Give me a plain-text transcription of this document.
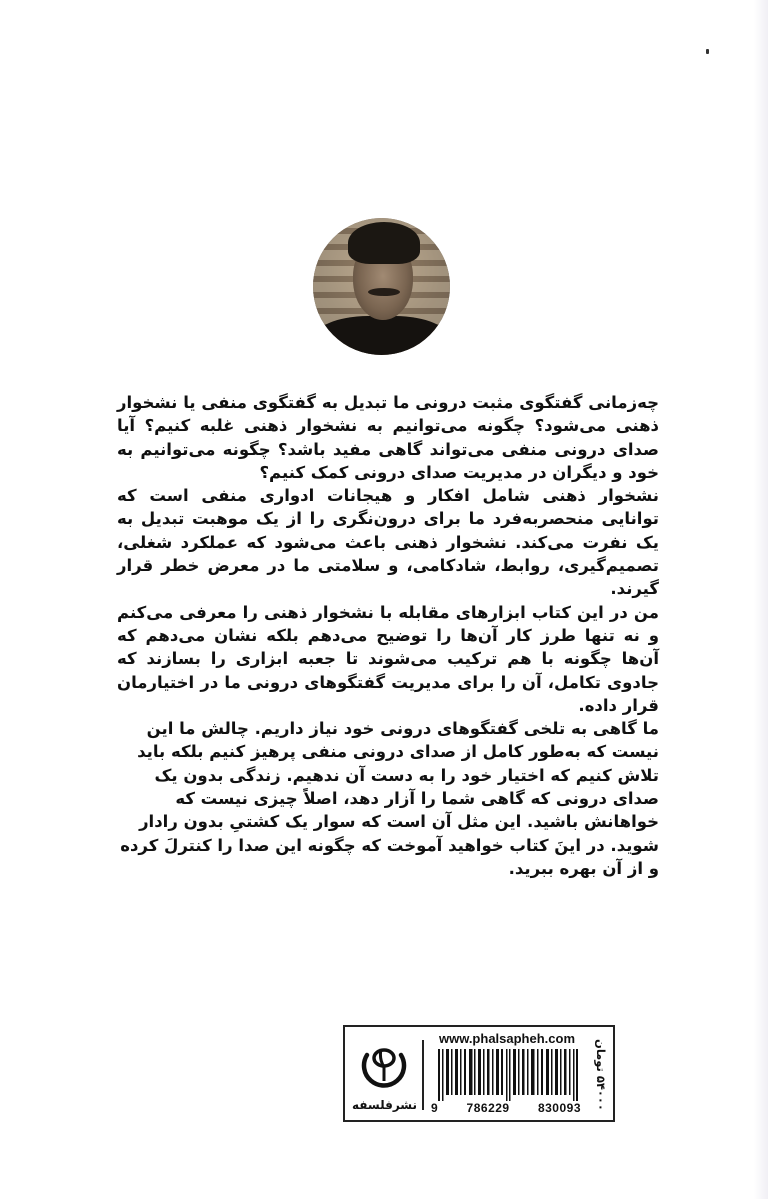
چه‌زمانی گفتگوی مثبت درونی ما تبدیل به گفتگوی منفی یا نشخوار ذهنی می‌شود؟ چگونه می‌توانیم به نشخوار ذهنی غلبه کنیم؟ آیا صدای درونی منفی می‌تواند گاهی مفید باشد؟ چگونه می‌توانیم به خود و دیگران در مدیریت صدای درونی کمک کنیم؟

نشخوار ذهنی شامل افکار و هیجانات ادواری منفی است که توانایی منحصربه‌فرد ما برای درون‌نگری را از یک موهبت تبدیل به یک نفرت می‌کند. نشخوار ذهنی باعث می‌شود که عملکرد شغلی، تصمیم‌گیری، روابط، شادکامی، و سلامتی ما در معرض خطر قرار گیرند.

من در این کتاب ابزارهای مقابله با نشخوار ذهنی را معرفی می‌کنم و نه تنها طرز کار آن‌ها را توضیح می‌دهم بلکه نشان می‌دهم که آن‌ها چگونه با هم ترکیب می‌شوند تا جعبه ابزاری را بسازند که جادوی تکامل، آن را برای مدیریت گفتگوهای درونی ما در اختیارمان قرار داده.

ما گاهی به تلخی گفتگوهای درونی خود نیاز داریم. چالش ما این نیست که به‌طور کامل از صدای درونی منفی پرهیز کنیم بلکه باید تلاش کنیم که اختیار خود را به دست آن ندهیم. زندگی بدون یک صدای درونی که گاهی شما را آزار دهد، اصلاً چیزی نیست که خواهانش باشید. این مثل آن است که سوار یک کشتیِ بدون رادار شوید. در اینَ کتاب خواهید آموخت که چگونه این صدا را کنترلَ کرده و از آن بهره ببرید.

نشرفلسفه
www.phalsapheh.com
9 786229 830093
۵۴۰۰۰ تومان
